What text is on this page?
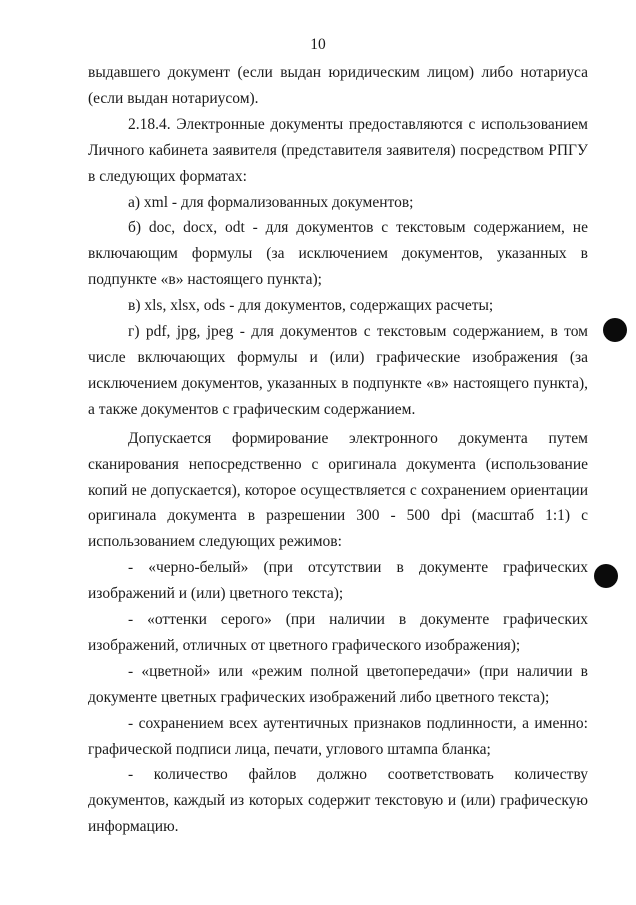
10

выдавшего документ (если выдан юридическим лицом) либо нотариуса (если выдан нотариусом).

2.18.4. Электронные документы предоставляются с использованием Личного кабинета заявителя (представителя заявителя) посредством РПГУ в следующих форматах:

а) xml - для формализованных документов;

б) doc, docx, odt - для документов с текстовым содержанием, не включающим формулы (за исключением документов, указанных в подпункте «в» настоящего пункта);

в) xls, xlsx, ods - для документов, содержащих расчеты;

г) pdf, jpg, jpeg - для документов с текстовым содержанием, в том числе включающих формулы и (или) графические изображения (за исключением документов, указанных в подпункте «в» настоящего пункта), а также документов с графическим содержанием.

Допускается формирование электронного документа путем сканирования непосредственно с оригинала документа (использование копий не допускается), которое осуществляется с сохранением ориентации оригинала документа в разрешении 300 - 500 dpi (масштаб 1:1) с использованием следующих режимов:

- «черно-белый» (при отсутствии в документе графических изображений и (или) цветного текста);

- «оттенки серого» (при наличии в документе графических изображений, отличных от цветного графического изображения);

- «цветной» или «режим полной цветопередачи» (при наличии в документе цветных графических изображений либо цветного текста);

- сохранением всех аутентичных признаков подлинности, а именно: графической подписи лица, печати, углового штампа бланка;

- количество файлов должно соответствовать количеству документов, каждый из которых содержит текстовую и (или) графическую информацию.
